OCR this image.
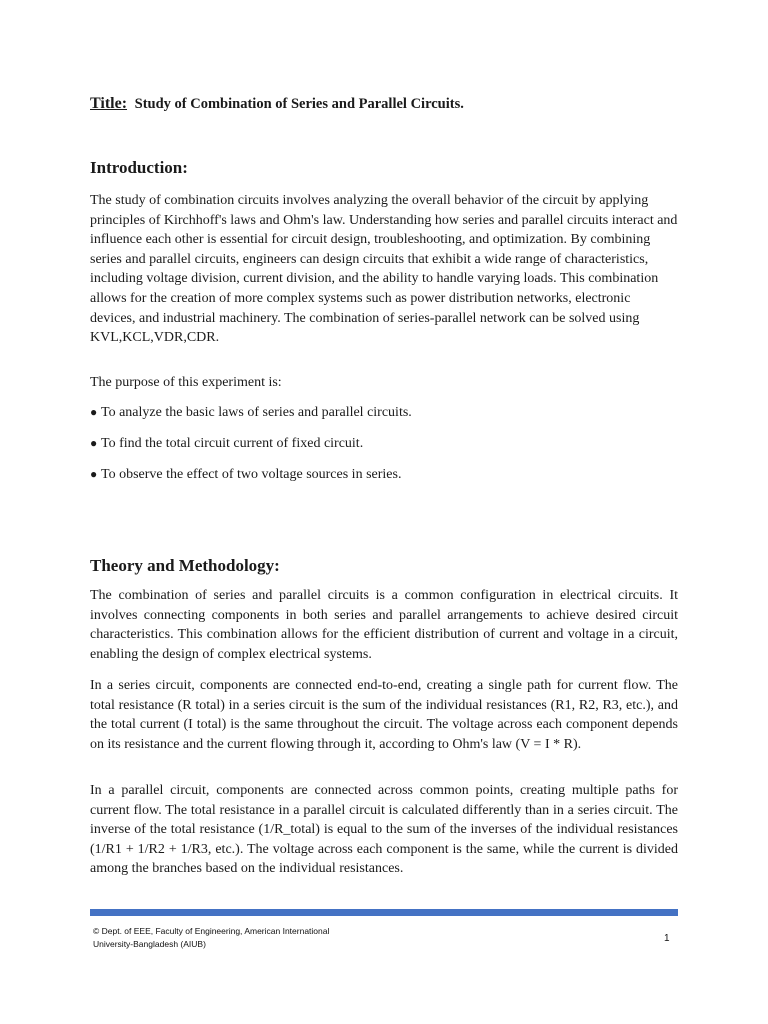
Title: Study of Combination of Series and Parallel Circuits.
Introduction:

The study of combination circuits involves analyzing the overall behavior of the circuit by applying principles of Kirchhoff's laws and Ohm's law. Understanding how series and parallel circuits interact and influence each other is essential for circuit design, troubleshooting, and optimization. By combining series and parallel circuits, engineers can design circuits that exhibit a wide range of characteristics, including voltage division, current division, and the ability to handle varying loads. This combination allows for the creation of more complex systems such as power distribution networks, electronic devices, and industrial machinery. The combination of series-parallel network can be solved using KVL,KCL,VDR,CDR.

The purpose of this experiment is:

● To analyze the basic laws of series and parallel circuits.
● To find the total circuit current of fixed circuit.
● To observe the effect of two voltage sources in series.
Theory and Methodology:

The combination of series and parallel circuits is a common configuration in electrical circuits. It involves connecting components in both series and parallel arrangements to achieve desired circuit characteristics. This combination allows for the efficient distribution of current and voltage in a circuit, enabling the design of complex electrical systems.

In a series circuit, components are connected end-to-end, creating a single path for current flow. The total resistance (R total) in a series circuit is the sum of the individual resistances (R1, R2, R3, etc.), and the total current (I total) is the same throughout the circuit. The voltage across each component depends on its resistance and the current flowing through it, according to Ohm's law (V = I * R).

In a parallel circuit, components are connected across common points, creating multiple paths for current flow. The total resistance in a parallel circuit is calculated differently than in a series circuit. The inverse of the total resistance (1/R_total) is equal to the sum of the inverses of the individual resistances (1/R1 + 1/R2 + 1/R3, etc.). The voltage across each component is the same, while the current is divided among the branches based on the individual resistances.

© Dept. of EEE, Faculty of Engineering, American International
University-Bangladesh (AIUB)	1
